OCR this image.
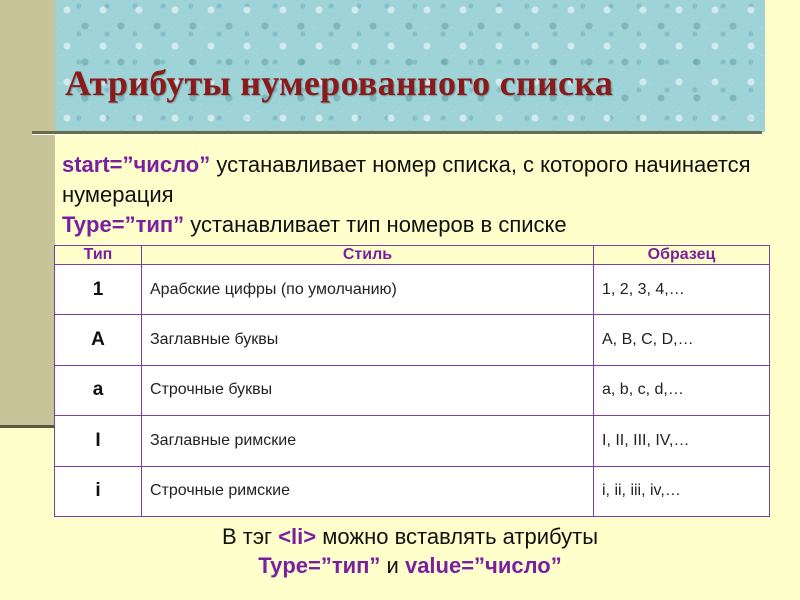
Атрибуты нумерованного списка
start=”число” устанавливает номер списка, с которого начинается нумерация
Type=”тип” устанавливает тип номеров в списке
Тип	Стиль	Образец
1	Арабские цифры (по умолчанию)	1, 2, 3, 4,…
A	Заглавные буквы	A, B, C, D,…
a	Строчные буквы	a, b, c, d,…
I	Заглавные римские	I, II, III, IV,…
i	Строчные римские	i, ii, iii, iv,…
В тэг <li> можно вставлять атрибуты
Type=”тип” и value=”число”
